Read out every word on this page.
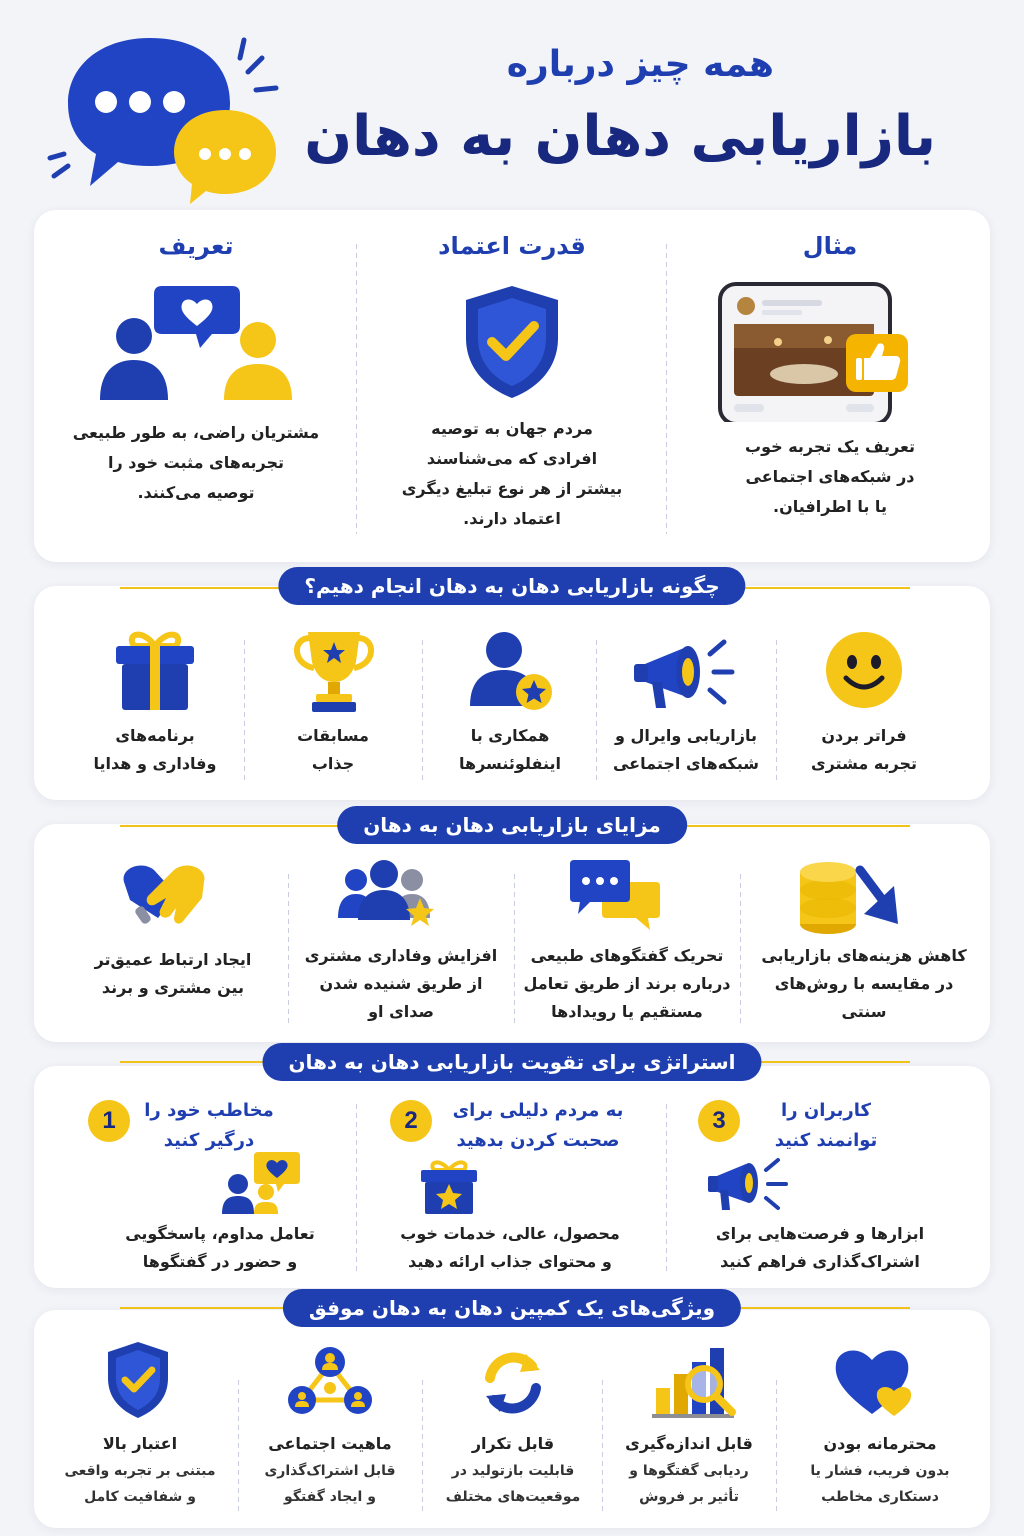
همه چیز درباره
بازاریابی دهان به دهان
مثال
تعریف یک تجربه خوب
در شبکه‌های اجتماعی
یا با اطرافیان.
قدرت اعتماد
مردم جهان به توصیه
افرادی که می‌شناسند
بیشتر از هر نوع تبلیغ دیگری
اعتماد دارند.
تعریف
مشتریان راضی، به طور طبیعی
تجربه‌های مثبت خود را
توصیه می‌کنند.
چگونه بازاریابی دهان به دهان انجام دهیم؟
فراتر بردن
تجربه مشتری
بازاریابی وایرال و
شبکه‌های اجتماعی
همکاری با
اینفلوئنسرها
مسابقات
جذاب
برنامه‌های
وفاداری و هدایا
مزایای بازاریابی دهان به دهان
کاهش هزینه‌های بازاریابی
در مقایسه با روش‌های
سنتی
تحریک گفتگوهای طبیعی
درباره برند از طریق تعامل
مستقیم یا رویدادها
افزایش وفاداری مشتری
از طریق شنیده شدن
صدای او
ایجاد ارتباط عمیق‌تر
بین مشتری و برند
استراتژی برای تقویت بازاریابی دهان به دهان
3	کاربران را
توانمند کنید
ابزارها و فرصت‌هایی برای
اشتراک‌گذاری فراهم کنید
2	به مردم دلیلی برای
صحبت کردن بدهید
محصول، عالی، خدمات خوب
و محتوای جذاب ارائه دهید
1	مخاطب خود را
درگیر کنید
تعامل مداوم، پاسخگویی
و حضور در گفتگوها
ویژگی‌های یک کمپین دهان به دهان موفق
محترمانه بودن
بدون فریب، فشار یا
دستکاری مخاطب
قابل اندازه‌گیری
ردیابی گفتگوها و
تأثیر بر فروش
قابل تکرار
قابلیت بازتولید در
موقعیت‌های مختلف
ماهیت اجتماعی
قابل اشتراک‌گذاری
و ایجاد گفتگو
اعتبار بالا
مبتنی بر تجربه واقعی
و شفافیت کامل
